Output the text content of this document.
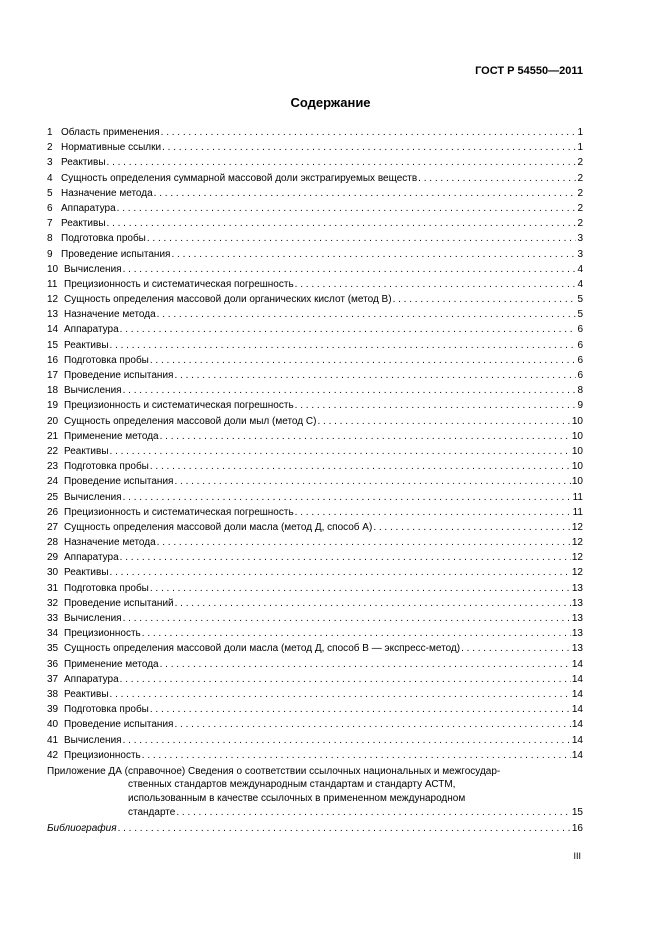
ГОСТ Р 54550—2011
Содержание
1 Область применения . . .	1
2 Нормативные ссылки . . .	1
3 Реактивы . . .	2
4 Сущность определения суммарной массовой доли экстрагируемых веществ . . .	2
5 Назначение метода . . .	2
6 Аппаратура . . .	2
7 Реактивы . . .	2
8 Подготовка пробы . . .	3
9 Проведение испытания . . .	3
10 Вычисления . . .	4
11 Прецизионность и систематическая погрешность . . .	4
12 Сущность определения массовой доли органических кислот (метод В) . . .	5
13 Назначение метода . . .	5
14 Аппаратура . . .	6
15 Реактивы . . .	6
16 Подготовка пробы . . .	6
17 Проведение испытания . . .	6
18 Вычисления . . .	8
19 Прецизионность и систематическая погрешность . . .	9
20 Сущность определения массовой доли мыл (метод С) . . .	10
21 Применение метода . . .	10
22 Реактивы . . .	10
23 Подготовка пробы . . .	10
24 Проведение испытания . . .	10
25 Вычисления . . .	11
26 Прецизионность и систематическая погрешность . . .	11
27 Сущность определения массовой доли масла (метод Д, способ А) . . .	12
28 Назначение метода . . .	12
29 Аппаратура . . .	12
30 Реактивы . . .	12
31 Подготовка пробы . . .	13
32 Проведение испытаний . . .	13
33 Вычисления . . .	13
34 Прецизионность . . .	13
35 Сущность определения массовой доли масла (метод Д, способ В — экспресс-метод) . . .	13
36 Применение метода . . .	14
37 Аппаратура . . .	14
38 Реактивы . . .	14
39 Подготовка пробы . . .	14
40 Проведение испытания . . .	14
41 Вычисления . . .	14
42 Прецизионность . . .	14
Приложение ДА (справочное) Сведения о соответствии ссылочных национальных и межгосудар-
ственных стандартов международным стандартам и стандарту АСТМ,
использованным в качестве ссылочных в примененном международном
стандарте . . .	15
Библиография . . .	16
III
